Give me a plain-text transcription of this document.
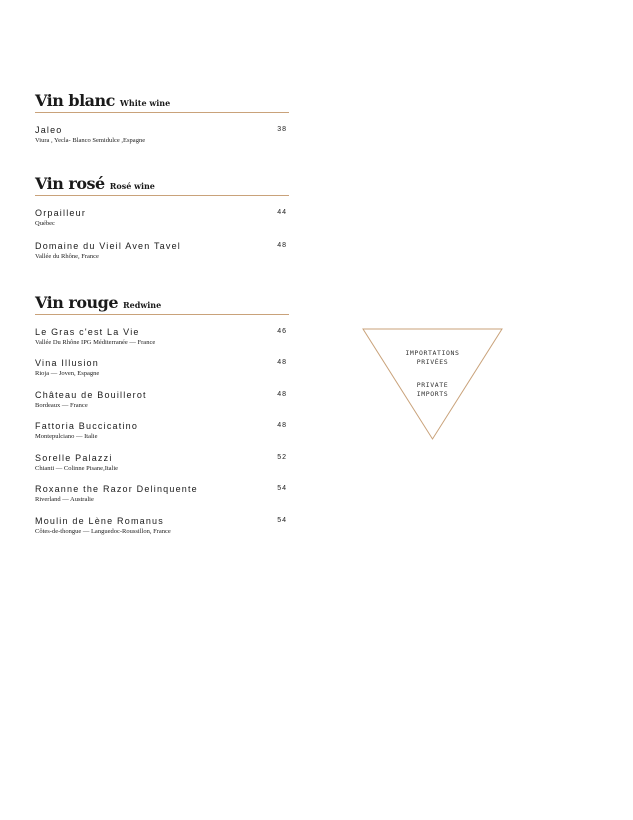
Vin blanc White wine
Jaleo
Viura , Yecla- Blanco Semidulce ,Espagne
38
Vin rosé Rosé wine
Orpailleur
Québec
44
Domaine du Vieil Aven Tavel
Vallée du Rhône, France
48
Vin rouge Redwine
Le Gras c'est La Vie
Vallée Du Rhône IPG Méditerranée — France
46
Vina Illusion
Rioja — Joven, Espagne
48
Château de Bouillerot
Bordeaux — France
48
Fattoria Buccicatino
Montepulciano — Italie
48
Sorelle Palazzi
Chianti — Colinne Pisane,Italie
52
Roxanne the Razor Delinquente
Riverland — Australie
54
Moulin de Lène Romanus
Côtes-de-thongue — Languedoc-Roussillon, France
54
IMPORTATIONS
PRIVÉES
PRIVATE
IMPORTS
